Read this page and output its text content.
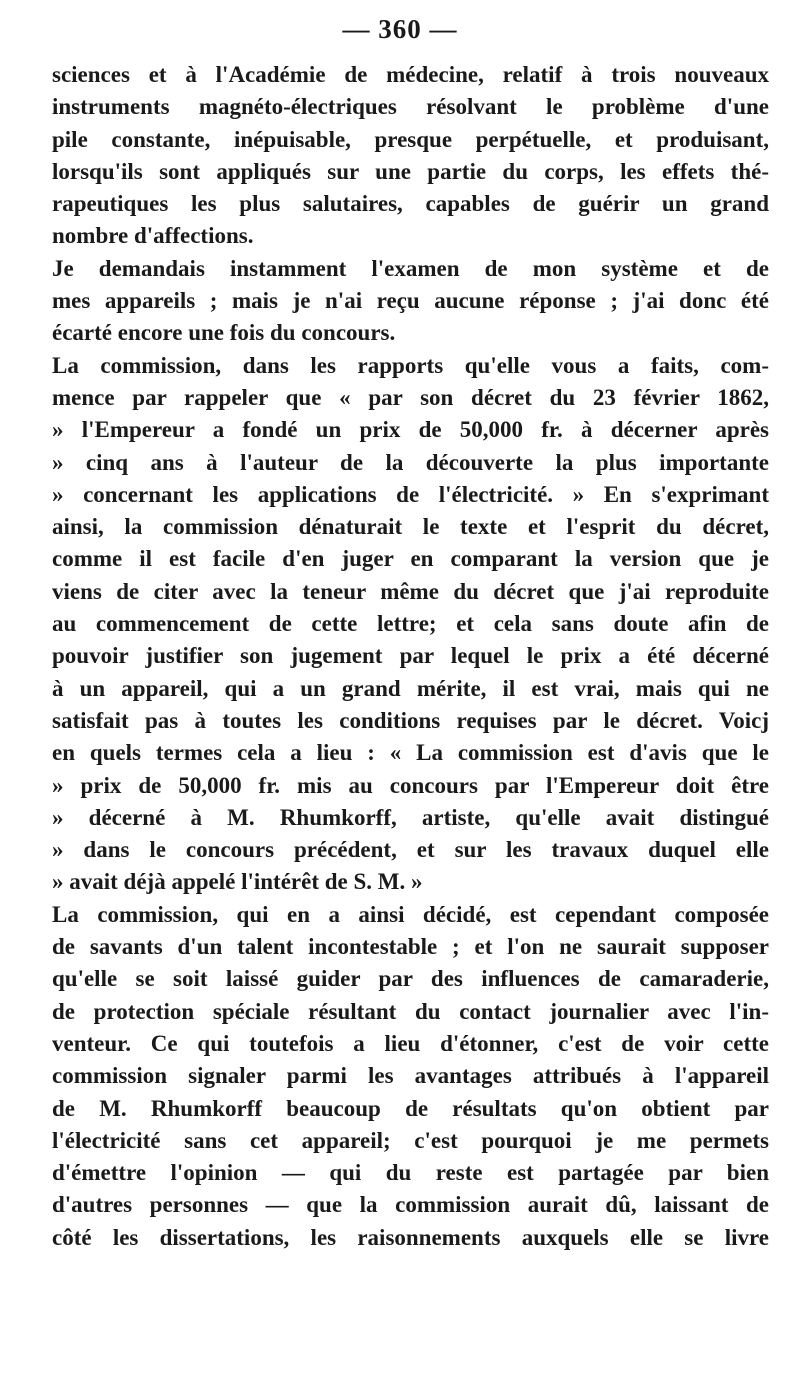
— 360 —
sciences et à l'Académie de médecine, relatif à trois nouveaux
instruments magnéto-électriques résolvant le problème d'une
pile constante, inépuisable, presque perpétuelle, et produisant,
lorsqu'ils sont appliqués sur une partie du corps, les effets thé-
rapeutiques les plus salutaires, capables de guérir un grand
nombre d'affections.
Je demandais instamment l'examen de mon système et de
mes appareils ; mais je n'ai reçu aucune réponse ; j'ai donc été
écarté encore une fois du concours.
La commission, dans les rapports qu'elle vous a faits, com-
mence par rappeler que « par son décret du 23 février 1862,
» l'Empereur a fondé un prix de 50,000 fr. à décerner après
» cinq ans à l'auteur de la découverte la plus importante
» concernant les applications de l'électricité. » En s'exprimant
ainsi, la commission dénaturait le texte et l'esprit du décret,
comme il est facile d'en juger en comparant la version que je
viens de citer avec la teneur même du décret que j'ai reproduite
au commencement de cette lettre; et cela sans doute afin de
pouvoir justifier son jugement par lequel le prix a été décerné
à un appareil, qui a un grand mérite, il est vrai, mais qui ne
satisfait pas à toutes les conditions requises par le décret. Voicj
en quels termes cela a lieu : « La commission est d'avis que le
» prix de 50,000 fr. mis au concours par l'Empereur doit être
» décerné à M. Rhumkorff, artiste, qu'elle avait distingué
» dans le concours précédent, et sur les travaux duquel elle
» avait déjà appelé l'intérêt de S. M. »
La commission, qui en a ainsi décidé, est cependant composée
de savants d'un talent incontestable ; et l'on ne saurait supposer
qu'elle se soit laissé guider par des influences de camaraderie,
de protection spéciale résultant du contact journalier avec l'in-
venteur. Ce qui toutefois a lieu d'étonner, c'est de voir cette
commission signaler parmi les avantages attribués à l'appareil
de M. Rhumkorff beaucoup de résultats qu'on obtient par
l'électricité sans cet appareil; c'est pourquoi je me permets
d'émettre l'opinion — qui du reste est partagée par bien
d'autres personnes — que la commission aurait dû, laissant de
côté les dissertations, les raisonnements auxquels elle se livre
